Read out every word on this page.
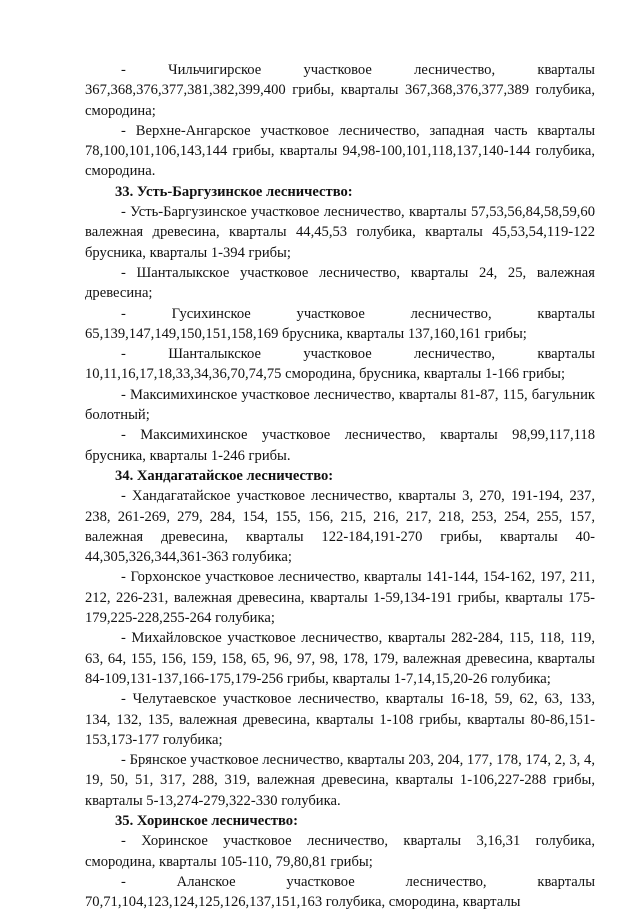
- Чильчигирское участковое лесничество, кварталы 367,368,376,377,381,382,399,400 грибы, кварталы 367,368,376,377,389 голубика, смородина;

- Верхне-Ангарское участковое лесничество, западная часть кварталы 78,100,101,106,143,144 грибы, кварталы 94,98-100,101,118,137,140-144 голубика, смородина.

33. Усть-Баргузинское лесничество:

- Усть-Баргузинское участковое лесничество, кварталы 57,53,56,84,58,59,60 валежная древесина, кварталы 44,45,53 голубика, кварталы 45,53,54,119-122 брусника, кварталы 1-394 грибы;

- Шанталыкское участковое лесничество, кварталы 24, 25, валежная древесина;

- Гусихинское участковое лесничество, кварталы 65,139,147,149,150,151,158,169 брусника, кварталы 137,160,161 грибы;

- Шанталыкское участковое лесничество, кварталы 10,11,16,17,18,33,34,36,70,74,75 смородина, брусника, кварталы 1-166 грибы;

- Максимихинское участковое лесничество, кварталы 81-87, 115, багульник болотный;

- Максимихинское участковое лесничество, кварталы 98,99,117,118 брусника, кварталы 1-246 грибы.

34. Хандагатайское лесничество:

- Хандагатайское участковое лесничество, кварталы 3, 270, 191-194, 237, 238, 261-269, 279, 284, 154, 155, 156, 215, 216, 217, 218, 253, 254, 255, 157, валежная древесина, кварталы 122-184,191-270 грибы, кварталы 40-44,305,326,344,361-363 голубика;

- Горхонское участковое лесничество, кварталы 141-144, 154-162, 197, 211, 212, 226-231, валежная древесина, кварталы 1-59,134-191 грибы, кварталы 175-179,225-228,255-264 голубика;

- Михайловское участковое лесничество, кварталы 282-284, 115, 118, 119, 63, 64, 155, 156, 159, 158, 65, 96, 97, 98, 178, 179, валежная древесина, кварталы 84-109,131-137,166-175,179-256 грибы, кварталы 1-7,14,15,20-26 голубика;

- Челутаевское участковое лесничество, кварталы 16-18, 59, 62, 63, 133, 134, 132, 135, валежная древесина, кварталы 1-108 грибы, кварталы 80-86,151-153,173-177 голубика;

- Брянское участковое лесничество, кварталы 203, 204, 177, 178, 174, 2, 3, 4, 19, 50, 51, 317, 288, 319, валежная древесина, кварталы 1-106,227-288 грибы, кварталы 5-13,274-279,322-330 голубика.

35. Хоринское лесничество:

- Хоринское участковое лесничество, кварталы 3,16,31 голубика, смородина, кварталы 105-110, 79,80,81 грибы;

- Аланское участковое лесничество, кварталы 70,71,104,123,124,125,126,137,151,163 голубика, смородина, кварталы
